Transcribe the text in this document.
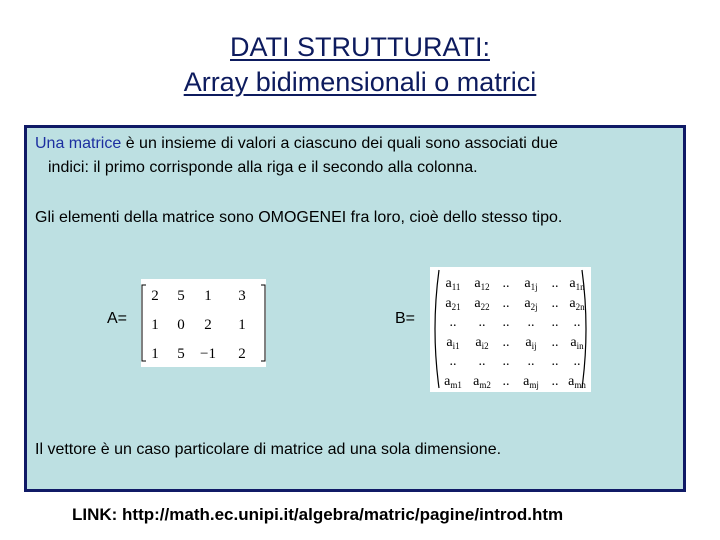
DATI STRUTTURATI:
Array bidimensionali o matrici
Una matrice è un insieme di valori a ciascuno dei quali sono associati due
indici: il primo corrisponde alla riga e il secondo alla colonna.
Gli elementi della matrice sono OMOGENEI fra loro, cioè dello stesso tipo.
A=
2 5 1 3
1 0 2 1
1 5 −1 2
B=
$a_{11}$ $a_{12}$ .. $a_{1j}$ .. $a_{1n}$
$a_{21}$ $a_{22}$ .. $a_{2j}$ .. $a_{2n}$
.. .. .. .. .. ..
$a_{i1}$ $a_{i2}$ .. $a_{ij}$ .. $a_{in}$
.. .. .. .. .. ..
$a_{m1}$ $a_{m2}$ .. $a_{mj}$ .. $a_{mn}$
Il vettore è un caso particolare di matrice ad una sola dimensione.
LINK: http://math.ec.unipi.it/algebra/matric/pagine/introd.htm
